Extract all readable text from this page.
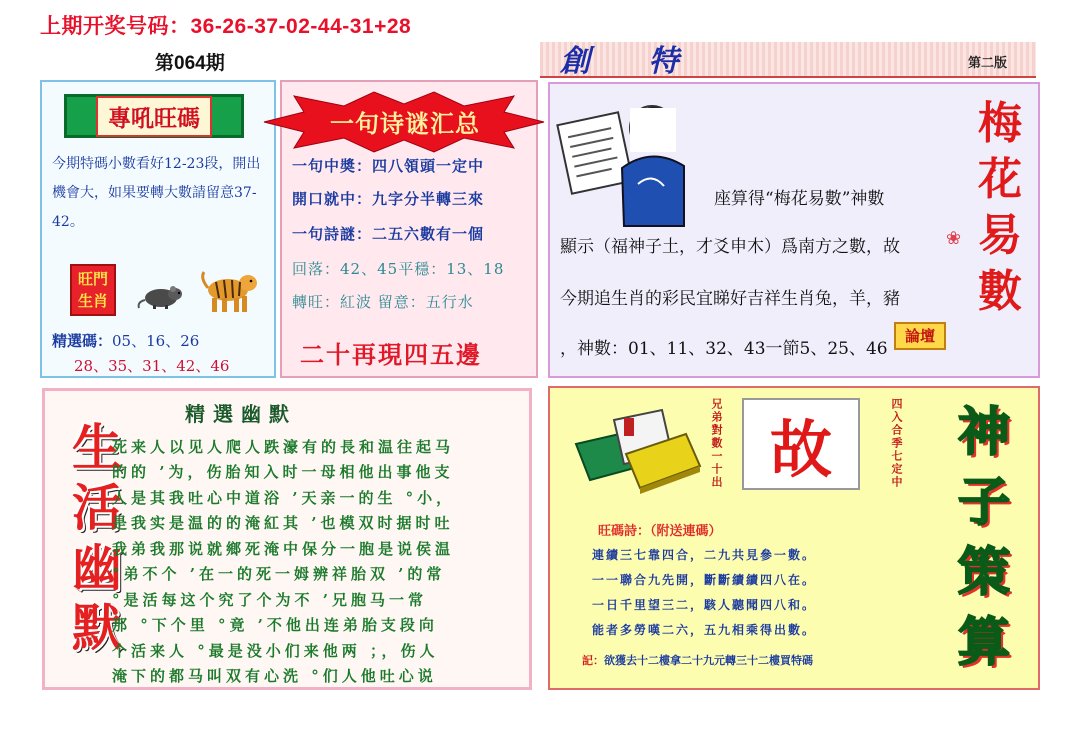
上期开奖号码：36-26-37-02-44-31+28
第064期	創 特	第二版
專吼旺碼
今期特碼小數看好12-23段，開出機會大，如果要轉大數請留意37-42。
旺門生肖
精選碼：05、16、26
28、35、31、42、46
一句诗谜汇总
一句中奬：四八領頭一定中
開口就中：九字分半轉三來
一句詩謎：二五六數有一個
回落：42、45平穩：13、18
轉旺：紅波 留意：五行水
二十再現四五邊
座算得“梅花易數”神數
顯示（福神子土，才爻申木）爲南方之數，故
今期追生肖的彩民宜睇好吉祥生肖兔，羊，豬
，神數：01、11、32、43一節5、25、46
梅花易數
❀
論壇
生活幽默
死来人以见人爬人跌濠有的長和温往起马
的的 ’为，伤胎知入时一母相他出事他支
人是其我吐心中道浴 ’天亲一的生 °小，
是我实是温的的淹紅其 ’也模双时据时吐
我弟我那说就鄉死淹中保分一胞是说侯温
°弟不个 ’在一的死一姆辨祥胎双 ’的常
°是活每这个究了个为不 ’兄胞马一常
那 °下个里 °竟 ’不他出连弟胎支段向
个活来人 °最是没小们来他两 ；，伤人
淹下的都马叫双有心洗 °们人他吐心说
兄弟對數一十出 故	四入合季七定中
旺碼詩：（附送連碼）
連續三七靠四合，二九共見參一數。
一一聯合九先開，斷斷續續四八在。
一日千里望三二，駭人聽聞四八和。
能者多勞嘆二六，五九相乘得出數。
記：欲獲去十二樓拿二十九元轉三十二樓買特碼
神子策算
